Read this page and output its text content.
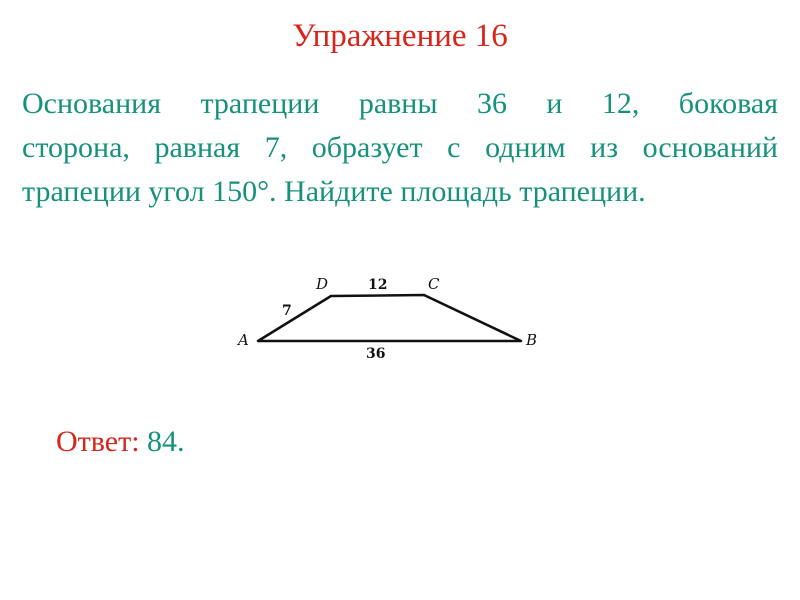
Упражнение 16
Основания трапеции равны 36 и 12, боковая
сторона, равная 7, образует с одним из оснований
трапеции угол 150°. Найдите площадь трапеции.
A	B
C
D	12
7
36
Ответ: 84.
